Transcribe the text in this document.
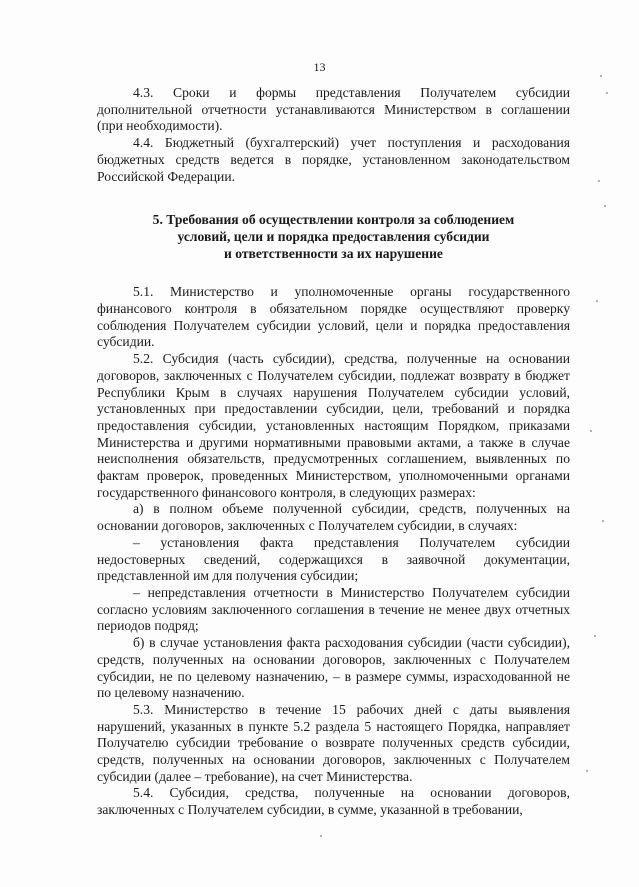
13

4.3. Сроки и формы представления Получателем субсидии дополнительной отчетности устанавливаются Министерством в соглашении (при необходимости).

4.4. Бюджетный (бухгалтерский) учет поступления и расходования бюджетных средств ведется в порядке, установленном законодательством Российской Федерации.

5. Требования об осуществлении контроля за соблюдением
условий, цели и порядка предоставления субсидии
и ответственности за их нарушение

5.1. Министерство и уполномоченные органы государственного финансового контроля в обязательном порядке осуществляют проверку соблюдения Получателем субсидии условий, цели и порядка предоставления субсидии.

5.2. Субсидия (часть субсидии), средства, полученные на основании договоров, заключенных с Получателем субсидии, подлежат возврату в бюджет Республики Крым в случаях нарушения Получателем субсидии условий, установленных при предоставлении субсидии, цели, требований и порядка предоставления субсидии, установленных настоящим Порядком, приказами Министерства и другими нормативными правовыми актами, а также в случае неисполнения обязательств, предусмотренных соглашением, выявленных по фактам проверок, проведенных Министерством, уполномоченными органами государственного финансового контроля, в следующих размерах:

а) в полном объеме полученной субсидии, средств, полученных на основании договоров, заключенных с Получателем субсидии, в случаях:

– установления факта представления Получателем субсидии недостоверных сведений, содержащихся в заявочной документации, представленной им для получения субсидии;

– непредставления отчетности в Министерство Получателем субсидии согласно условиям заключенного соглашения в течение не менее двух отчетных периодов подряд;

б) в случае установления факта расходования субсидии (части субсидии), средств, полученных на основании договоров, заключенных с Получателем субсидии, не по целевому назначению, – в размере суммы, израсходованной не по целевому назначению.

5.3. Министерство в течение 15 рабочих дней с даты выявления нарушений, указанных в пункте 5.2 раздела 5 настоящего Порядка, направляет Получателю субсидии требование о возврате полученных средств субсидии, средств, полученных на основании договоров, заключенных с Получателем субсидии (далее – требование), на счет Министерства.

5.4. Субсидия, средства, полученные на основании договоров, заключенных с Получателем субсидии, в сумме, указанной в требовании,
